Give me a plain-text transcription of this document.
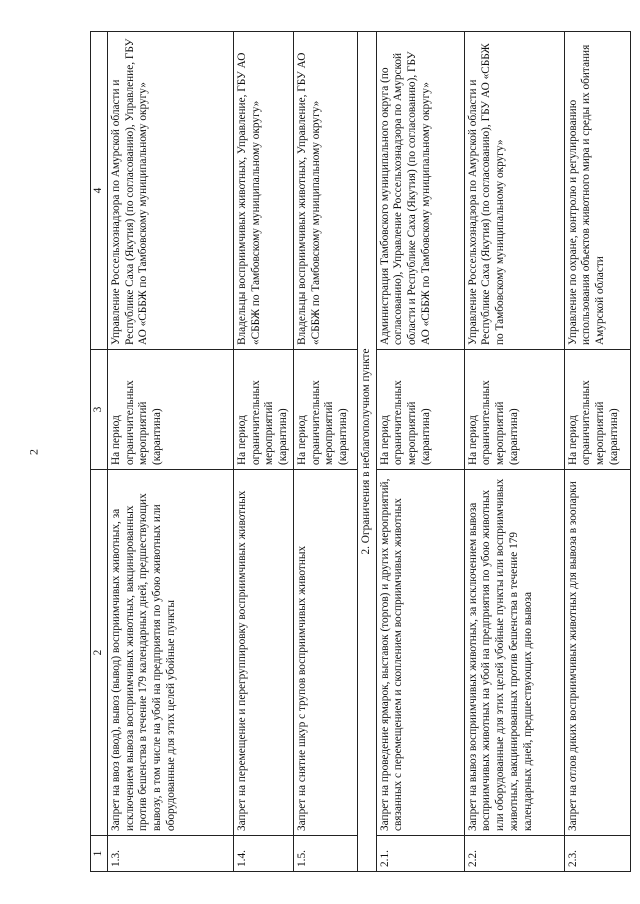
2
1	2	3	4
1.3.	Запрет на ввоз (ввод), вывоз (вывод) восприимчивых животных, за исключением вывоза восприимчивых животных, вакцинированных против бешенства в течение 179 календарных дней, предшествующих вывозу, в том числе на убой на предприятия по убою животных или оборудованные для этих целей убойные пункты	На период ограничительных мероприятий (карантина)	Управление Россельхознадзора по Амурской области и Республике Саха (Якутия) (по согласованию), Управление, ГБУ АО «СББЖ по Тамбовскому муниципальному округу»
1.4.	Запрет на перемещение и перегруппировку восприимчивых животных	На период ограничительных мероприятий (карантина)	Владельцы восприимчивых животных, Управление, ГБУ АО «СББЖ по Тамбовскому муниципальному округу»
1.5.	Запрет на снятие шкур с трупов восприимчивых животных	На период ограничительных мероприятий (карантина)	Владельцы восприимчивых животных, Управление, ГБУ АО «СББЖ по Тамбовскому муниципальному округу»
2. Ограничения в неблагополучном пункте			
2.1.	Запрет на проведение ярмарок, выставок (торгов) и других мероприятий, связанных с перемещением и скоплением восприимчивых животных	На период ограничительных мероприятий (карантина)	Администрация Тамбовского муниципального округа (по согласованию), Управление Россельхознадзора по Амурской области и Республике Саха (Якутия) (по согласованию), ГБУ АО «СББЖ по Тамбовскому муниципальному округу»
2.2.	Запрет на вывоз восприимчивых животных, за исключением вывоза восприимчивых животных на убой на предприятия по убою животных или оборудованные для этих целей убойные пункты или восприимчивых животных, вакцинированных против бешенства в течение 179 календарных дней, предшествующих дню вывоза	На период ограничительных мероприятий (карантина)	Управление Россельхознадзора по Амурской области и Республике Саха (Якутия) (по согласованию), ГБУ АО «СББЖ по Тамбовскому муниципальному округу»
2.3.	Запрет на отлов диких восприимчивых животных для вывоза в зоопарки	На период ограничительных мероприятий (карантина)	Управление по охране, контролю и регулированию использования объектов животного мира и среды их обитания Амурской области
